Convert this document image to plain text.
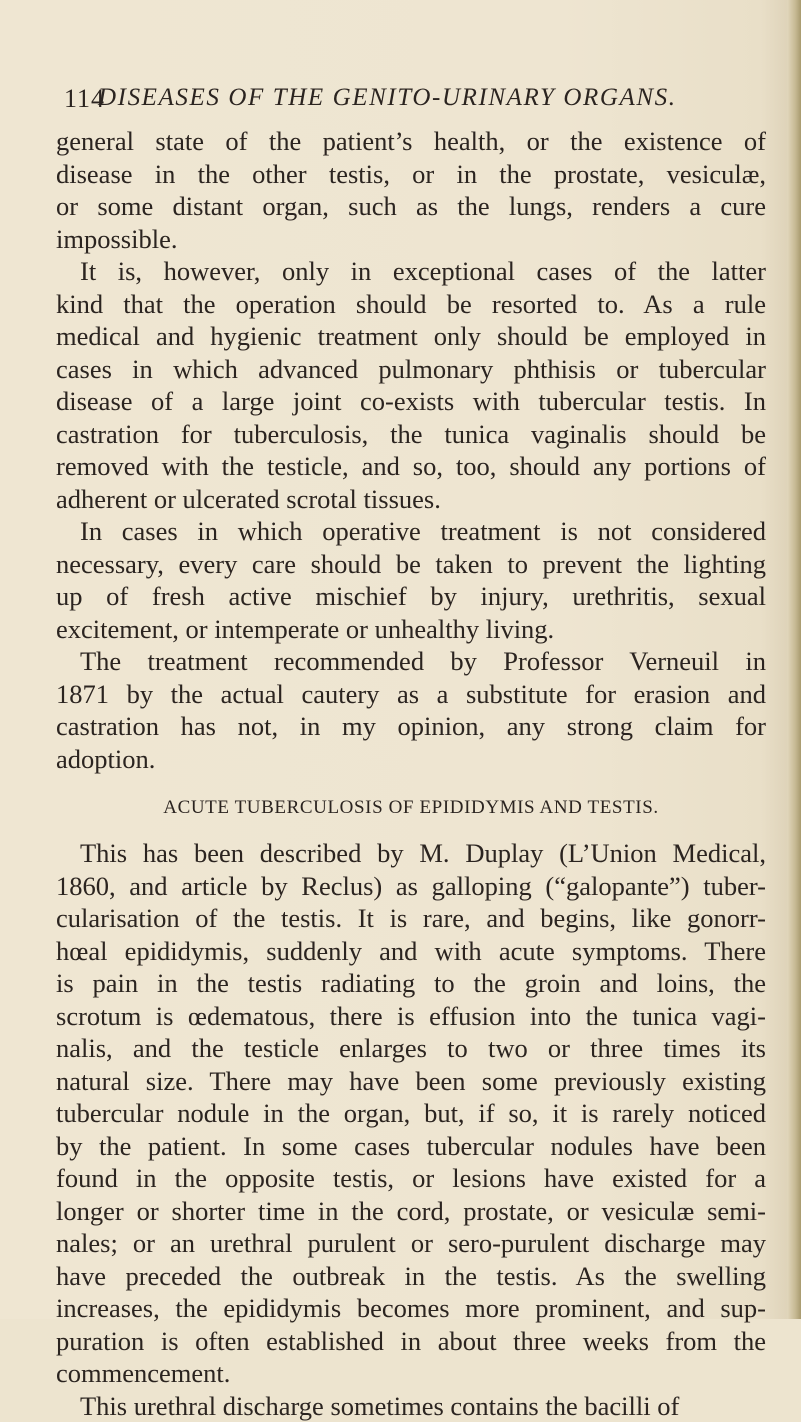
114
DISEASES OF THE GENITO-URINARY ORGANS.
general state of the patient’s health, or the existence of
disease in the other testis, or in the prostate, vesiculæ,
or some distant organ, such as the lungs, renders a cure
impossible.
It is, however, only in exceptional cases of the latter
kind that the operation should be resorted to. As a rule
medical and hygienic treatment only should be employed in
cases in which advanced pulmonary phthisis or tubercular
disease of a large joint co-exists with tubercular testis. In
castration for tuberculosis, the tunica vaginalis should be
removed with the testicle, and so, too, should any portions of
adherent or ulcerated scrotal tissues.
In cases in which operative treatment is not considered
necessary, every care should be taken to prevent the lighting
up of fresh active mischief by injury, urethritis, sexual
excitement, or intemperate or unhealthy living.
The treatment recommended by Professor Verneuil in
1871 by the actual cautery as a substitute for erasion and
castration has not, in my opinion, any strong claim for
adoption.
ACUTE TUBERCULOSIS OF EPIDIDYMIS AND TESTIS.
This has been described by M. Duplay (L’Union Medical,
1860, and article by Reclus) as galloping (“galopante”) tuber-
cularisation of the testis. It is rare, and begins, like gonorr-
hœal epididymis, suddenly and with acute symptoms. There
is pain in the testis radiating to the groin and loins, the
scrotum is œdematous, there is effusion into the tunica vagi-
nalis, and the testicle enlarges to two or three times its
natural size. There may have been some previously existing
tubercular nodule in the organ, but, if so, it is rarely noticed
by the patient. In some cases tubercular nodules have been
found in the opposite testis, or lesions have existed for a
longer or shorter time in the cord, prostate, or vesiculæ semi-
nales; or an urethral purulent or sero-purulent discharge may
have preceded the outbreak in the testis. As the swelling
increases, the epididymis becomes more prominent, and sup-
puration is often established in about three weeks from the
commencement.
This urethral discharge sometimes contains the bacilli of
